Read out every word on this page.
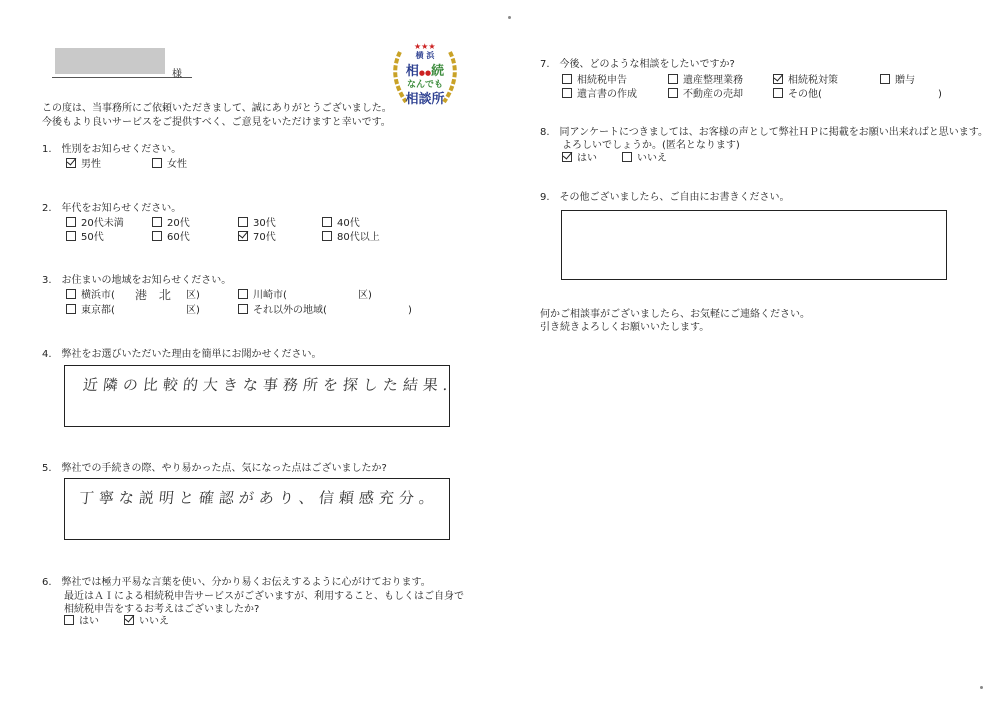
様
★★★
横 浜
相●●続
なんでも
相談所
この度は、当事務所にご依頼いただきまして、誠にありがとうございました。
今後もより良いサービスをご提供すべく、ご意見をいただけますと幸いです。
1.　性別をお知らせください。
男性	女性
2.　年代をお知らせください。
20代未満	20代	30代	40代
50代	60代	70代	80代以上
3.　お住まいの地域をお知らせください。
横浜市( 港 北 区)	川崎市(	区)
東京都(	区)	それ以外の地域(	)
4.　弊社をお選びいただいた理由を簡単にお聞かせください。
近隣の比較的大きな事務所を探した結果.
5.　弊社での手続きの際、やり易かった点、気になった点はございましたか?
丁寧な説明と確認があり、信頼感充分。
6.　弊社では極力平易な言葉を使い、分かり易くお伝えするように心がけております。
最近はＡＩによる相続税申告サービスがございますが、利用すること、もしくはご自身で
相続税申告をするお考えはございましたか?
はい	いいえ
7.　今後、どのような相談をしたいですか?
相続税申告	遺産整理業務	相続税対策	贈与
遺言書の作成	不動産の売却	その他(	)
8.　同アンケートにつきましては、お客様の声として弊社ＨＰに掲載をお願い出来ればと思います。
よろしいでしょうか。(匿名となります)
はい	いいえ
9.　その他ございましたら、ご自由にお書きください。
何かご相談事がございましたら、お気軽にご連絡ください。
引き続きよろしくお願いいたします。
